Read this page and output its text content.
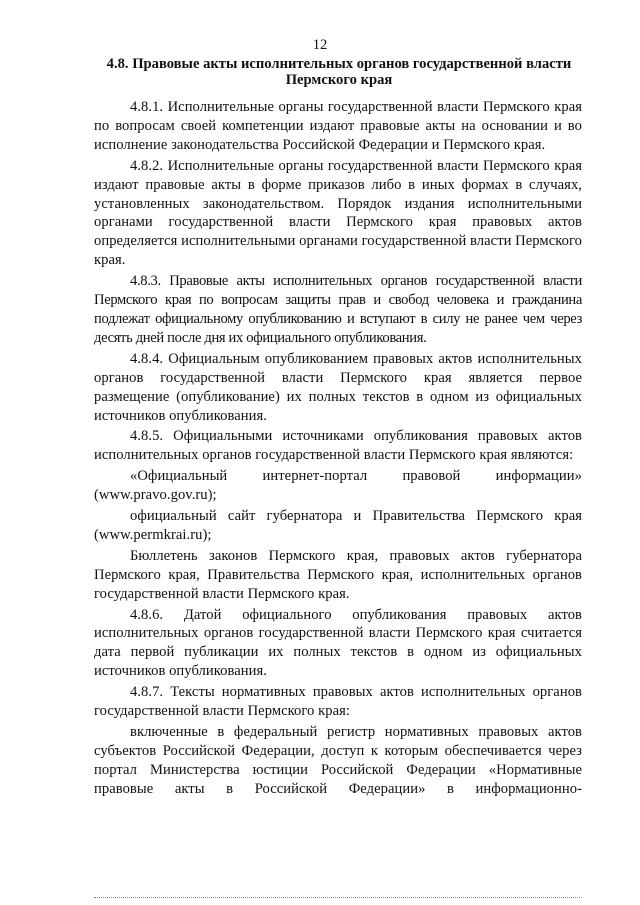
12
4.8. Правовые акты исполнительных органов государственной власти Пермского края

4.8.1. Исполнительные органы государственной власти Пермского края по вопросам своей компетенции издают правовые акты на основании и во исполнение законодательства Российской Федерации и Пермского края.

4.8.2. Исполнительные органы государственной власти Пермского края издают правовые акты в форме приказов либо в иных формах в случаях, установленных законодательством. Порядок издания исполнительными органами государственной власти Пермского края правовых актов определяется исполнительными органами государственной власти Пермского края.

4.8.3. Правовые акты исполнительных органов государственной власти Пермского края по вопросам защиты прав и свобод человека и гражданина подлежат официальному опубликованию и вступают в силу не ранее чем через десять дней после дня их официального опубликования.

4.8.4. Официальным опубликованием правовых актов исполнительных органов государственной власти Пермского края является первое размещение (опубликование) их полных текстов в одном из официальных источников опубликования.

4.8.5. Официальными источниками опубликования правовых актов исполнительных органов государственной власти Пермского края являются:

«Официальный интернет-портал правовой информации» (www.pravo.gov.ru);

официальный сайт губернатора и Правительства Пермского края (www.permkrai.ru);

Бюллетень законов Пермского края, правовых актов губернатора Пермского края, Правительства Пермского края, исполнительных органов государственной власти Пермского края.

4.8.6. Датой официального опубликования правовых актов исполнительных органов государственной власти Пермского края считается дата первой публикации их полных текстов в одном из официальных источников опубликования.

4.8.7. Тексты нормативных правовых актов исполнительных органов государственной власти Пермского края:

включенные в федеральный регистр нормативных правовых актов субъектов Российской Федерации, доступ к которым обеспечивается через портал Министерства юстиции Российской Федерации «Нормативные правовые акты в Российской Федерации» в информационно-
